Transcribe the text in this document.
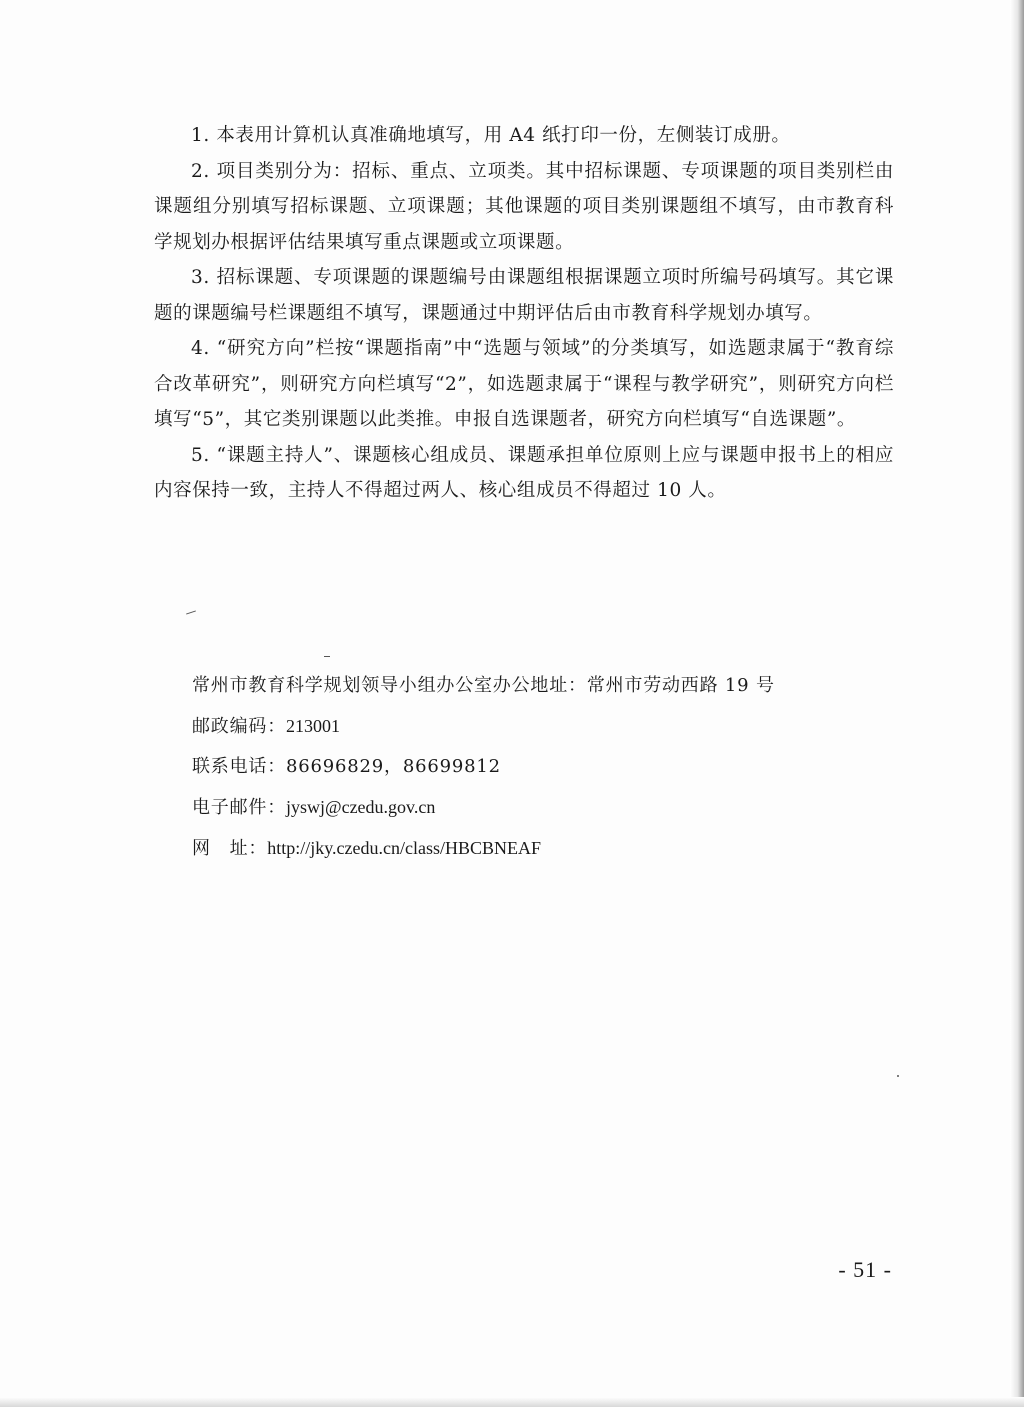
1. 本表用计算机认真准确地填写，用 A4 纸打印一份，左侧装订成册。

2. 项目类别分为：招标、重点、立项类。其中招标课题、专项课题的项目类别栏由课题组分别填写招标课题、立项课题；其他课题的项目类别课题组不填写，由市教育科学规划办根据评估结果填写重点课题或立项课题。

3. 招标课题、专项课题的课题编号由课题组根据课题立项时所编号码填写。其它课题的课题编号栏课题组不填写，课题通过中期评估后由市教育科学规划办填写。

4. “研究方向”栏按“课题指南”中“选题与领域”的分类填写，如选题隶属于“教育综合改革研究”，则研究方向栏填写“2”，如选题隶属于“课程与教学研究”，则研究方向栏填写“5”，其它类别课题以此类推。申报自选课题者，研究方向栏填写“自选课题”。

5. “课题主持人”、课题核心组成员、课题承担单位原则上应与课题申报书上的相应内容保持一致，主持人不得超过两人、核心组成员不得超过 10 人。

常州市教育科学规划领导小组办公室办公地址：常州市劳动西路 19 号
邮政编码：213001
联系电话：86696829，86699812
电子邮件：jyswj@czedu.gov.cn
网　址：http://jky.czedu.cn/class/HBCBNEAF
- 51 -
